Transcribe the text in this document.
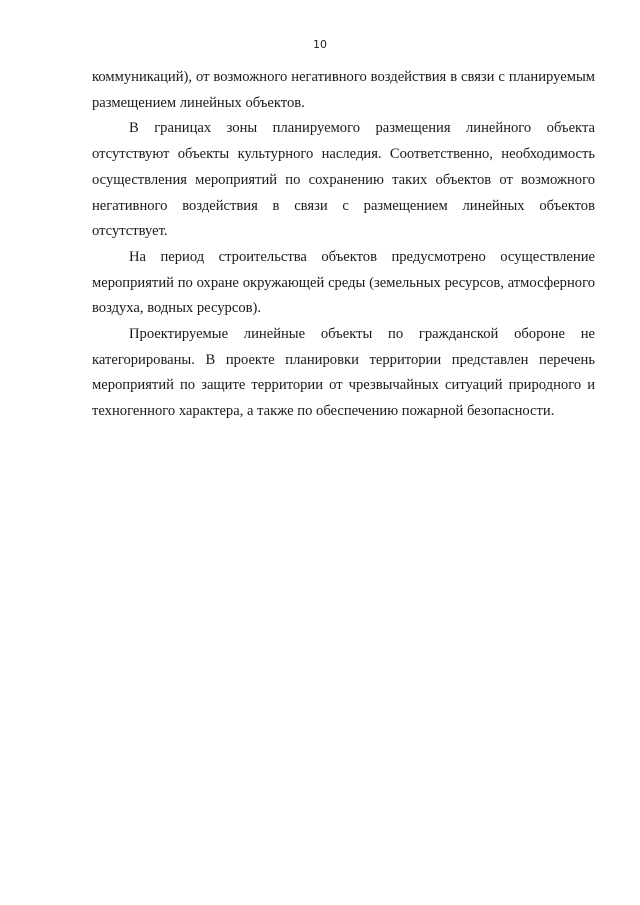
10

коммуникаций), от возможного негативного воздействия в связи с планируемым размещением линейных объектов.

В границах зоны планируемого размещения линейного объекта отсутствуют объекты культурного наследия. Соответственно, необходимость осуществления мероприятий по сохранению таких объектов от возможного негативного воздействия в связи с размещением линейных объектов отсутствует.

На период строительства объектов предусмотрено осуществление мероприятий по охране окружающей среды (земельных ресурсов, атмосферного воздуха, водных ресурсов).

Проектируемые линейные объекты по гражданской обороне не категорированы. В проекте планировки территории представлен перечень мероприятий по защите территории от чрезвычайных ситуаций природного и техногенного характера, а также по обеспечению пожарной безопасности.
